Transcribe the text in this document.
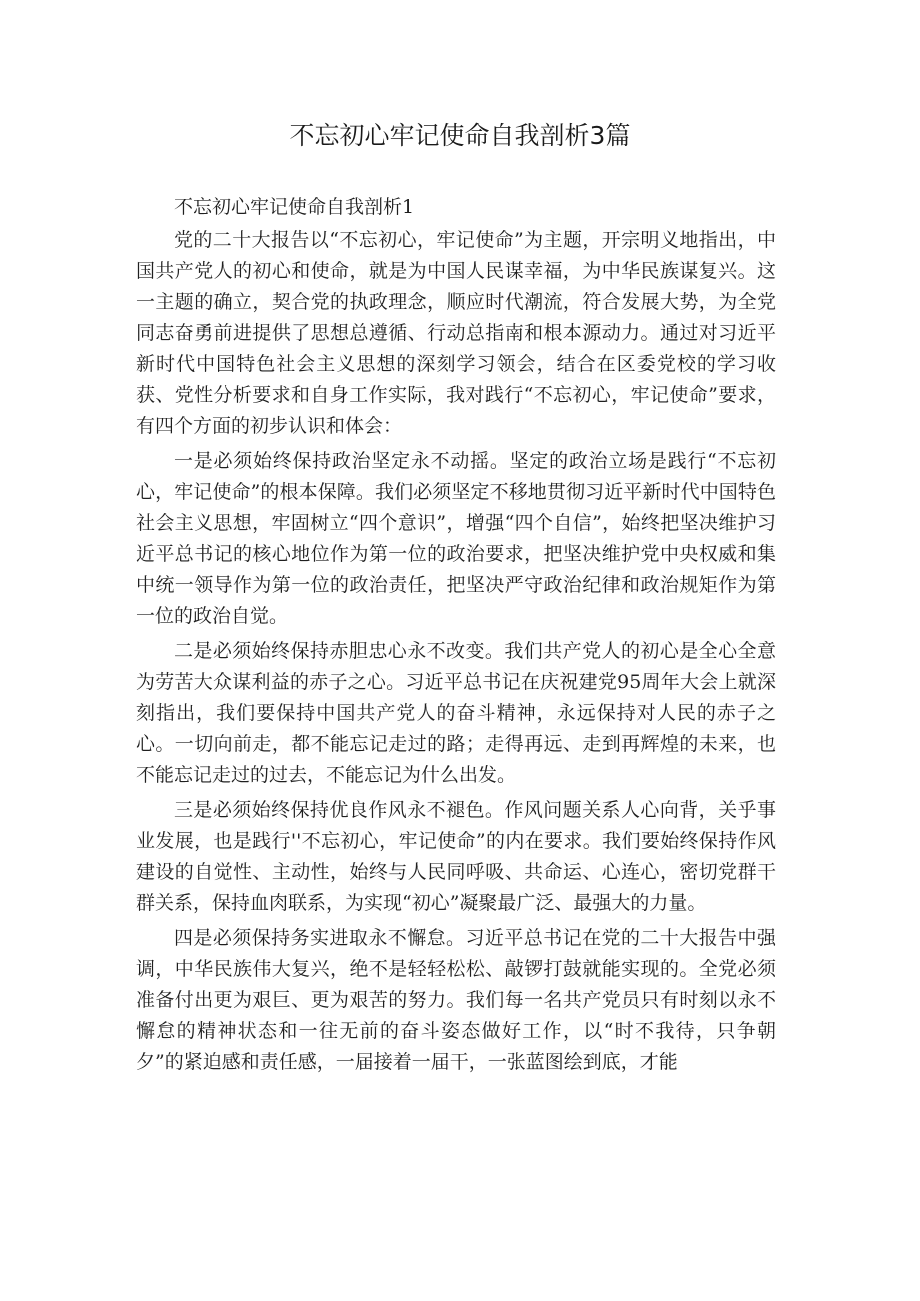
不忘初心牢记使命自我剖析3篇

不忘初心牢记使命自我剖析1

党的二十大报告以“不忘初心，牢记使命”为主题，开宗明义地指出，中国共产党人的初心和使命，就是为中国人民谋幸福，为中华民族谋复兴。这一主题的确立，契合党的执政理念，顺应时代潮流，符合发展大势，为全党同志奋勇前进提供了思想总遵循、行动总指南和根本源动力。通过对习近平新时代中国特色社会主义思想的深刻学习领会，结合在区委党校的学习收获、党性分析要求和自身工作实际，我对践行“不忘初心，牢记使命”要求，有四个方面的初步认识和体会：

一是必须始终保持政治坚定永不动摇。坚定的政治立场是践行“不忘初心，牢记使命”的根本保障。我们必须坚定不移地贯彻习近平新时代中国特色社会主义思想，牢固树立“四个意识”，增强“四个自信”，始终把坚决维护习近平总书记的核心地位作为第一位的政治要求，把坚决维护党中央权威和集中统一领导作为第一位的政治责任，把坚决严守政治纪律和政治规矩作为第一位的政治自觉。

二是必须始终保持赤胆忠心永不改变。我们共产党人的初心是全心全意为劳苦大众谋利益的赤子之心。习近平总书记在庆祝建党95周年大会上就深刻指出，我们要保持中国共产党人的奋斗精神，永远保持对人民的赤子之心。一切向前走，都不能忘记走过的路；走得再远、走到再辉煌的未来，也不能忘记走过的过去，不能忘记为什么出发。

三是必须始终保持优良作风永不褪色。作风问题关系人心向背，关乎事业发展，也是践行''不忘初心，牢记使命”的内在要求。我们要始终保持作风建设的自觉性、主动性，始终与人民同呼吸、共命运、心连心，密切党群干群关系，保持血肉联系，为实现“初心”凝聚最广泛、最强大的力量。

四是必须保持务实进取永不懈怠。习近平总书记在党的二十大报告中强调，中华民族伟大复兴，绝不是轻轻松松、敲锣打鼓就能实现的。全党必须准备付出更为艰巨、更为艰苦的努力。我们每一名共产党员只有时刻以永不懈怠的精神状态和一往无前的奋斗姿态做好工作，以“时不我待，只争朝夕”的紧迫感和责任感，一届接着一届干，一张蓝图绘到底，才能
